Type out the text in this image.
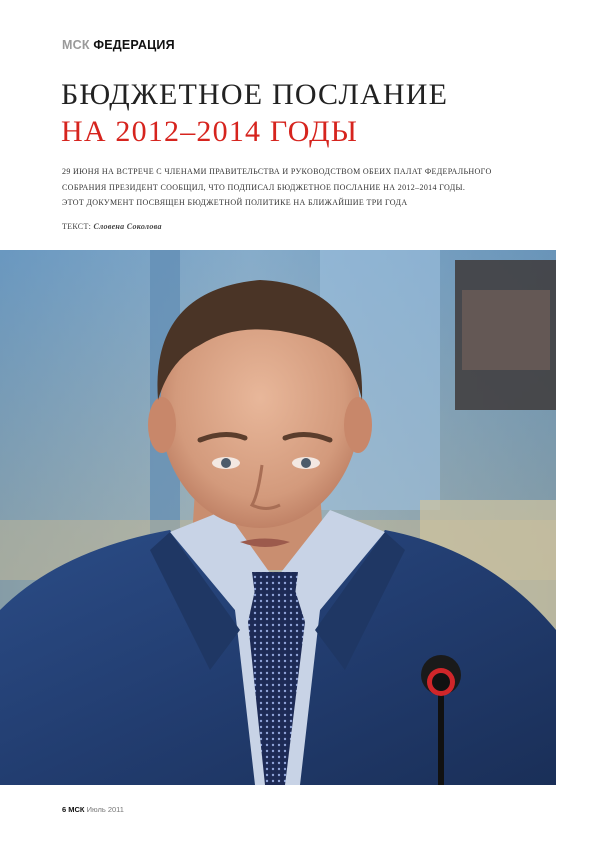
МСК ФЕДЕРАЦИЯ
БЮДЖЕТНОЕ ПОСЛАНИЕ
НА 2012–2014 ГОДЫ
29 ИЮНЯ НА ВСТРЕЧЕ С ЧЛЕНАМИ ПРАВИТЕЛЬСТВА И РУКОВОДСТВОМ ОБЕИХ ПАЛАТ ФЕДЕРАЛЬНОГО
СОБРАНИЯ ПРЕЗИДЕНТ СООБЩИЛ, ЧТО ПОДПИСАЛ БЮДЖЕТНОЕ ПОСЛАНИЕ НА 2012–2014 ГОДЫ.
ЭТОТ ДОКУМЕНТ ПОСВЯЩЕН БЮДЖЕТНОЙ ПОЛИТИКЕ НА БЛИЖАЙШИЕ ТРИ ГОДА
ТЕКСТ: Словена Соколова
6 МСК Июль 2011
